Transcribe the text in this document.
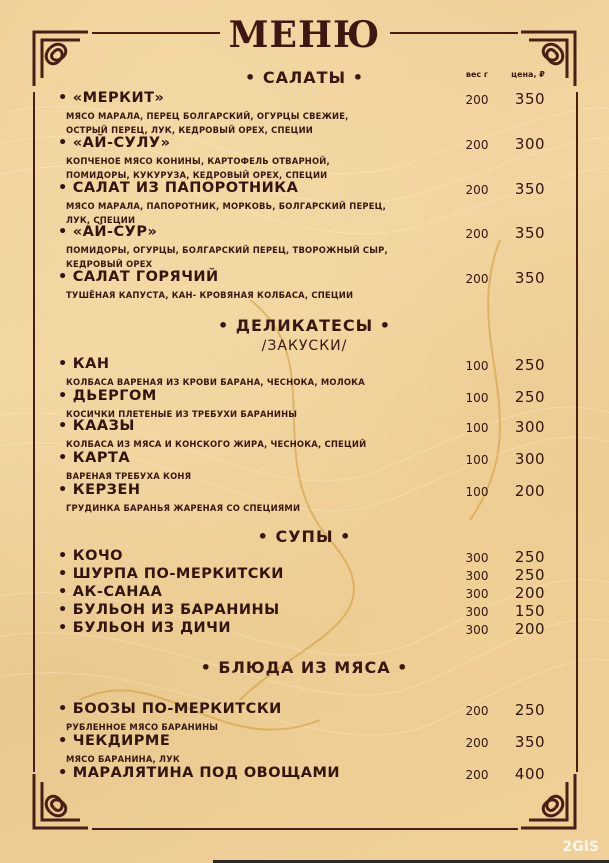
МЕНЮ
вес г	цена, ₽
• САЛАТЫ •
• «МЕРКИТ»
МЯСО МАРАЛА, ПЕРЕЦ БОЛГАРСКИЙ, ОГУРЦЫ СВЕЖИЕ,
ОСТРЫЙ ПЕРЕЦ, ЛУК, КЕДРОВЫЙ ОРЕХ, СПЕЦИИ
200	350
• «АЙ-СУЛУ»
КОПЧЕНОЕ МЯСО КОНИНЫ, КАРТОФЕЛЬ ОТВАРНОЙ,
ПОМИДОРЫ, КУКУРУЗА, КЕДРОВЫЙ ОРЕХ, СПЕЦИИ
200	300
• САЛАТ ИЗ ПАПОРОТНИКА
МЯСО МАРАЛА, ПАПОРОТНИК, МОРКОВЬ, БОЛГАРСКИЙ ПЕРЕЦ,
ЛУК, СПЕЦИИ
200	350
• «АЙ-СУР»
ПОМИДОРЫ, ОГУРЦЫ, БОЛГАРСКИЙ ПЕРЕЦ, ТВОРОЖНЫЙ СЫР,
КЕДРОВЫЙ ОРЕХ
200	350
• САЛАТ ГОРЯЧИЙ
ТУШЁНАЯ КАПУСТА, КАН- КРОВЯНАЯ КОЛБАСА, СПЕЦИИ
200	350
• ДЕЛИКАТЕСЫ •
/ЗАКУСКИ/
• КАН
КОЛБАСА ВАРЕНАЯ ИЗ КРОВИ БАРАНА, ЧЕСНОКА, МОЛОКА
100	250
• ДЬЕРГОМ
КОСИЧКИ ПЛЕТЕНЫЕ ИЗ ТРЕБУХИ БАРАНИНЫ
100	250
• КААЗЫ
КОЛБАСА ИЗ МЯСА И КОНСКОГО ЖИРА, ЧЕСНОКА, СПЕЦИЙ
100	300
• КАРТА
ВАРЕНАЯ ТРЕБУХА КОНЯ
100	300
• КЕРЗЕН
ГРУДИНКА БАРАНЬЯ ЖАРЕНАЯ СО СПЕЦИЯМИ
100	200
• СУПЫ •
• КОЧО	300	250
• ШУРПА ПО-МЕРКИТСКИ	300	250
• АК-САНАА	300	200
• БУЛЬОН ИЗ БАРАНИНЫ	300	150
• БУЛЬОН ИЗ ДИЧИ	300	200
• БЛЮДА ИЗ МЯСА •
• БООЗЫ ПО-МЕРКИТСКИ
РУБЛЕННОЕ МЯСО БАРАНИНЫ
200	250
• ЧЕКДИРМЕ
МЯСО БАРАНИНА, ЛУК
200	350
• МАРАЛЯТИНА ПОД ОВОЩАМИ	200	400
2GIS
